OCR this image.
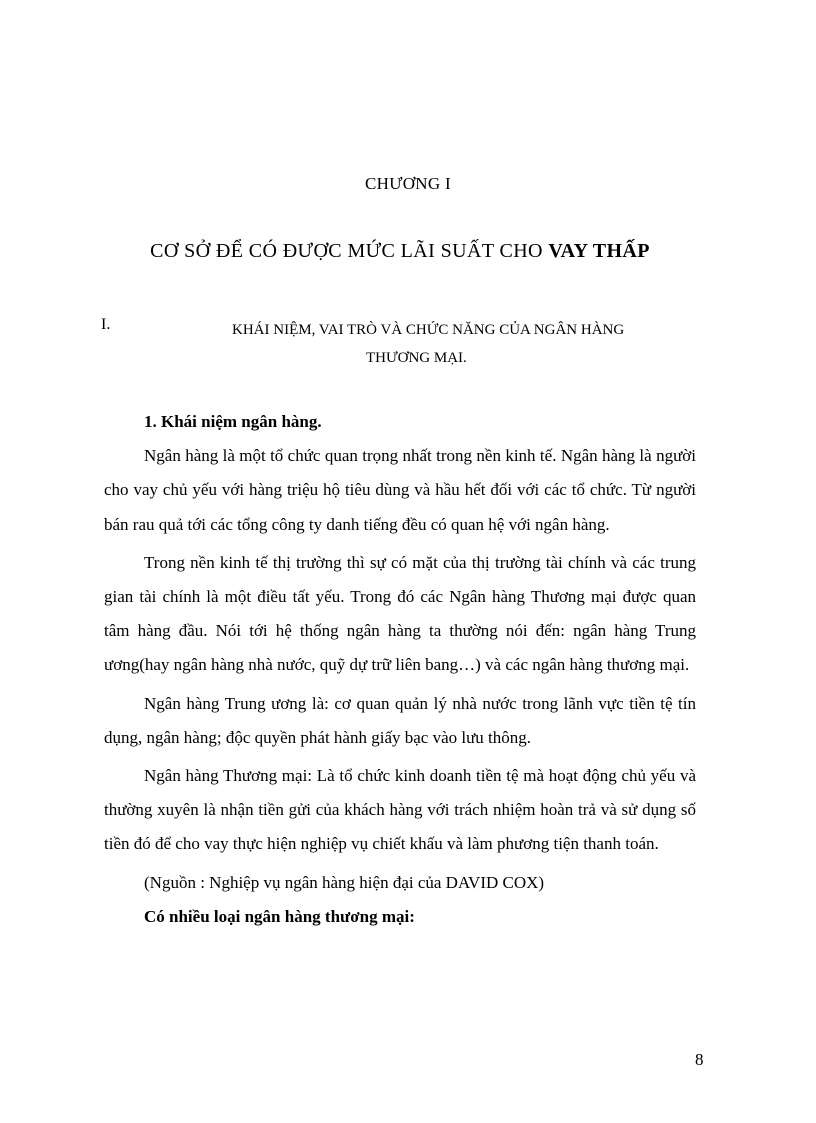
CHƯƠNG I
CƠ SỞ ĐỂ CÓ ĐƯỢC MỨC LÃI SUẤT CHO VAY THẤP
I.	KHÁI NIỆM, VAI TRÒ VÀ CHỨC NĂNG CỦA NGÂN HÀNG
THƯƠNG MẠI.
1. Khái niệm ngân hàng.

Ngân hàng là một tổ chức quan trọng nhất trong nền kinh tế. Ngân hàng là người cho vay chủ yếu với hàng triệu hộ tiêu dùng và hầu hết đối với các tổ chức. Từ người bán rau quả tới các tổng công ty danh tiếng đều có quan hệ với ngân hàng.

Trong nền kinh tế thị trường thì sự có mặt của thị trường tài chính và các trung gian tài chính là một điều tất yếu. Trong đó các Ngân hàng Thương mại được quan tâm hàng đầu. Nói tới hệ thống ngân hàng ta thường nói đến: ngân hàng Trung ương(hay ngân hàng nhà nước, quỹ dự trữ liên bang…) và các ngân hàng thương mại.

Ngân hàng Trung ương là: cơ quan quản lý nhà nước trong lãnh vực tiền tệ tín dụng, ngân hàng; độc quyền phát hành giấy bạc vào lưu thông.

Ngân hàng Thương mại: Là tổ chức kinh doanh tiền tệ mà hoạt động chủ yếu và thường xuyên là nhận tiền gửi của khách hàng với trách nhiệm hoàn trả và sử dụng số tiền đó để cho vay thực hiện nghiệp vụ chiết khấu và làm phương tiện thanh toán.

(Nguồn : Nghiệp vụ ngân hàng hiện đại của DAVID COX)

Có nhiều loại ngân hàng thương mại:

8
